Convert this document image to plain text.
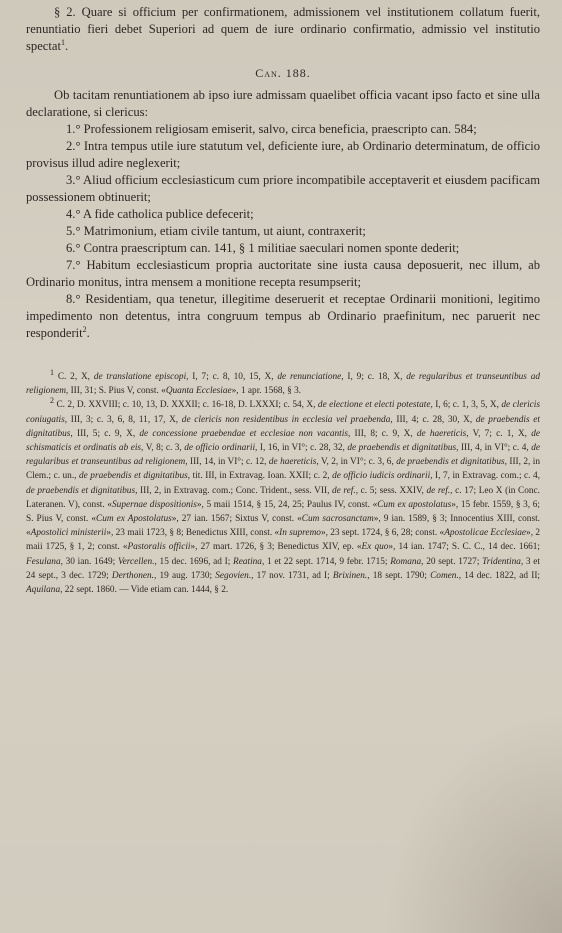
§ 2. Quare si officium per confirmationem, admissionem vel institutionem collatum fuerit, renuntiatio fieri debet Superiori ad quem de iure ordinario confirmatio, admissio vel institutio spectat$^1$.

Can. 188.

Ob tacitam renuntiationem ab ipso iure admissam quaelibet officia vacant ipso facto et sine ulla declaratione, si clericus:

1.° Professionem religiosam emiserit, salvo, circa beneficia, praescripto can. 584;

2.° Intra tempus utile iure statutum vel, deficiente iure, ab Ordinario determinatum, de officio provisus illud adire neglexerit;

3.° Aliud officium ecclesiasticum cum priore incompatibile acceptaverit et eiusdem pacificam possessionem obtinuerit;

4.° A fide catholica publice defecerit;

5.° Matrimonium, etiam civile tantum, ut aiunt, contraxerit;

6.° Contra praescriptum can. 141, § 1 militiae saeculari nomen sponte dederit;

7.° Habitum ecclesiasticum propria auctoritate sine iusta causa deposuerit, nec illum, ab Ordinario monitus, intra mensem a monitione recepta resumpserit;

8.° Residentiam, qua tenetur, illegitime deseruerit et receptae Ordinarii monitioni, legitimo impedimento non detentus, intra congruum tempus ab Ordinario praefinitum, nec paruerit nec responderit$^2$.

$^1$ C. 2, X, de translatione episcopi, I, 7; c. 8, 10, 15, X, de renunciatione, I, 9; c. 18, X, de regularibus et transeuntibus ad religionem, III, 31; S. Pius V, const. «Quanta Ecclesiae», 1 apr. 1568, § 3.

$^2$ C. 2, D. XXVIII; c. 10, 13, D. XXXII; c. 16-18, D. LXXXI; c. 54, X, de electione et electi potestate, I, 6; c. 1, 3, 5, X, de clericis coniugatis, III, 3; c. 3, 6, 8, 11, 17, X, de clericis non residentibus in ecclesia vel praebenda, III, 4; c. 28, 30, X, de praebendis et dignitatibus, III, 5; c. 9, X, de concessione praebendae et ecclesiae non vacantis, III, 8; c. 9, X, de haereticis, V, 7; c. 1, X, de schismaticis et ordinatis ab eis, V, 8; c. 3, de officio ordinarii, I, 16, in VI°; c. 28, 32, de praebendis et dignitatibus, III, 4, in VI°; c. 4, de regularibus et transeuntibus ad religionem, III, 14, in VI°; c. 12, de haereticis, V, 2, in VI°; c. 3, 6, de praebendis et dignitatibus, III, 2, in Clem.; c. un., de praebendis et dignitatibus, tit. III, in Extravag. Ioan. XXII; c. 2, de officio iudicis ordinarii, I, 7, in Extravag. com.; c. 4, de praebendis et dignitatibus, III, 2, in Extravag. com.; Conc. Trident., sess. VII, de ref., c. 5; sess. XXIV, de ref., c. 17; Leo X (in Conc. Lateranen. V), const. «Supernae dispositionis», 5 maii 1514, § 15, 24, 25; Paulus IV, const. «Cum ex apostolatus», 15 febr. 1559, § 3, 6; S. Pius V, const. «Cum ex Apostolatus», 27 ian. 1567; Sixtus V, const. «Cum sacrosanctam», 9 ian. 1589, § 3; Innocentius XIII, const. «Apostolici ministerii», 23 maii 1723, § 8; Benedictus XIII, const. «In supremo», 23 sept. 1724, § 6, 28; const. «Apostolicae Ecclesiae», 2 maii 1725, § 1, 2; const. «Pastoralis officii», 27 mart. 1726, § 3; Benedictus XIV, ep. «Ex quo», 14 ian. 1747; S. C. C., 14 dec. 1661; Fesulana, 30 ian. 1649; Vercellen., 15 dec. 1696, ad I; Reatina, 1 et 22 sept. 1714, 9 febr. 1715; Romana, 20 sept. 1727; Tridentina, 3 et 24 sept., 3 dec. 1729; Derthonen., 19 aug. 1730; Segovien., 17 nov. 1731, ad I; Brixinen., 18 sept. 1790; Comen., 14 dec. 1822, ad II; Aquilana, 22 sept. 1860. — Vide etiam can. 1444, § 2.
